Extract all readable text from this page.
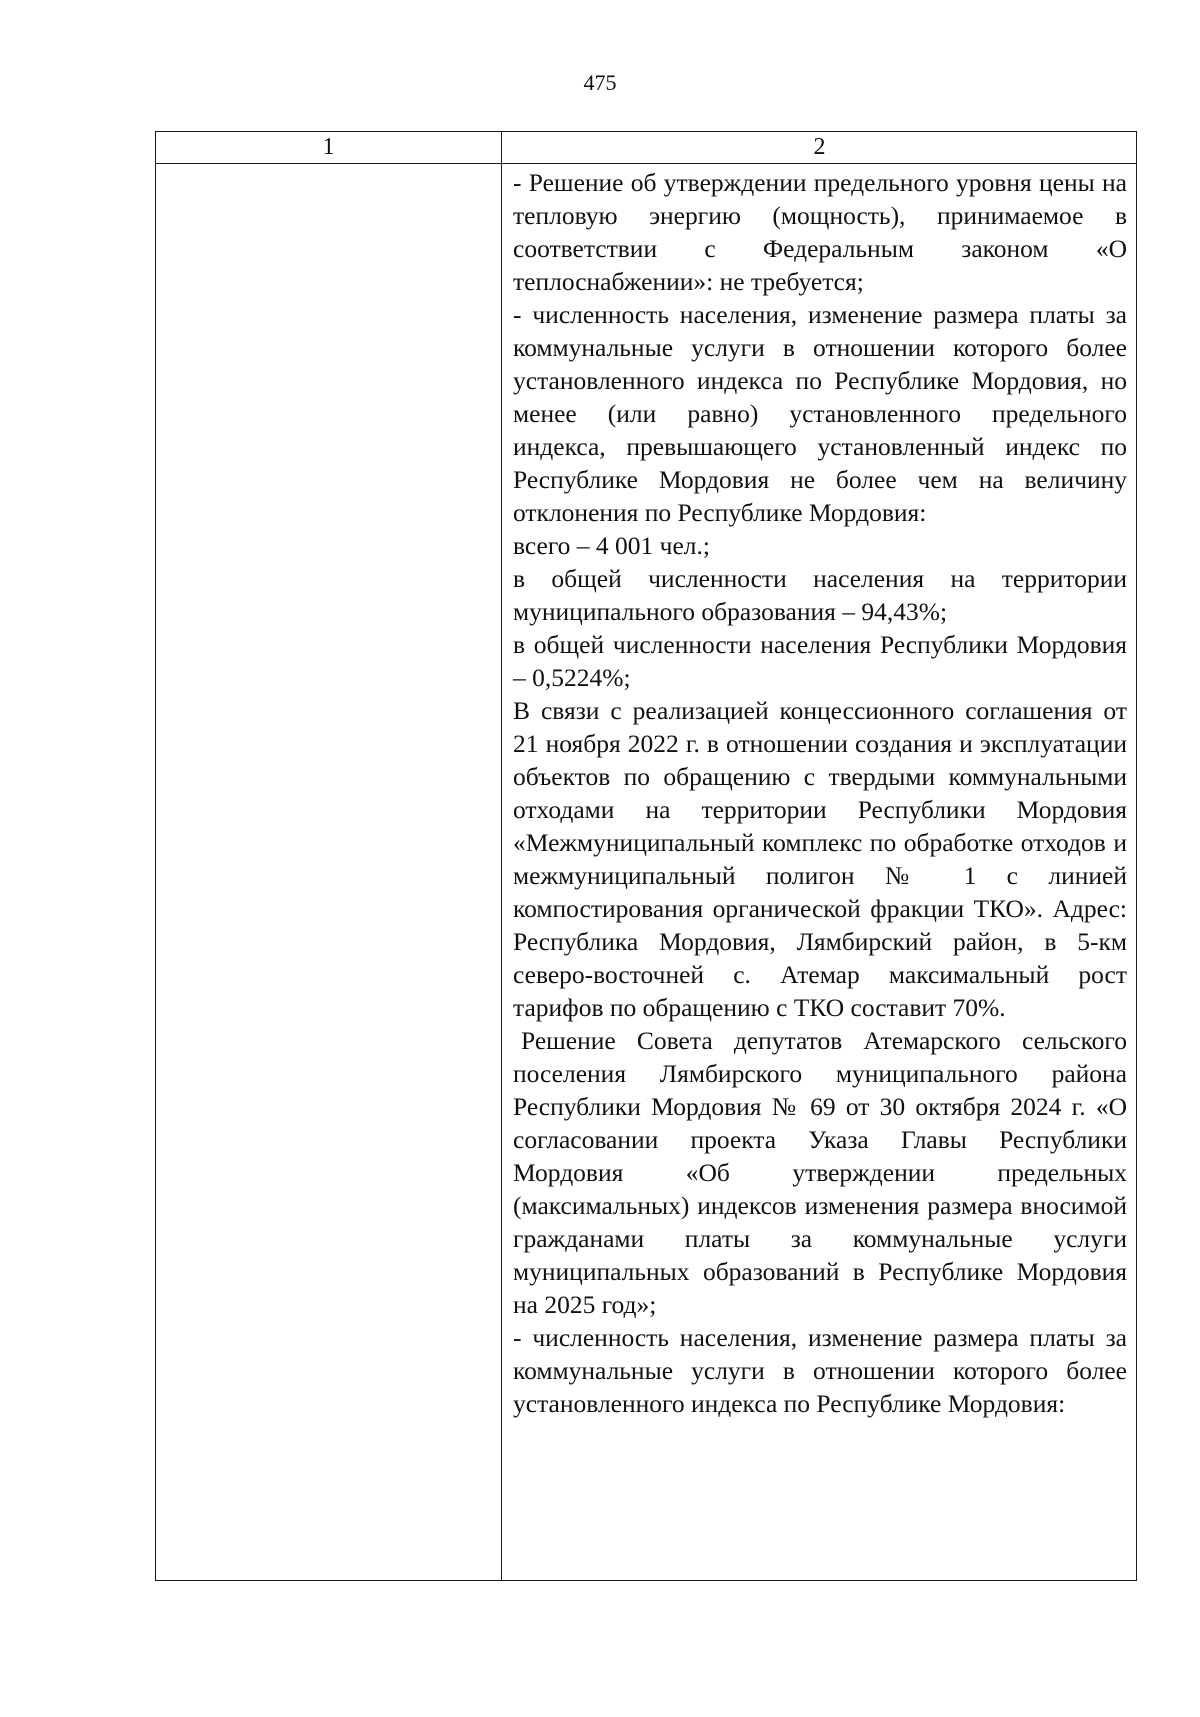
475
1	2

- Решение об утверждении предельного уровня цены на тепловую энергию (мощность), принимаемое в соответствии с Федеральным законом «О теплоснабжении»: не требуется;

- численность населения, изменение размера платы за коммунальные услуги в отношении которого более установленного индекса по Республике Мордовия, но менее (или равно) установленного предельного индекса, превышающего установленный индекс по Республике Мордовия не более чем на величину отклонения по Республике Мордовия:

всего – 4 001 чел.;

в общей численности населения на территории муниципального образования – 94,43%;

в общей численности населения Республики Мордовия – 0,5224%;

В связи с реализацией концессионного соглашения от 21 ноября 2022 г. в отношении создания и эксплуатации объектов по обращению с твердыми коммунальными отходами на территории Республики Мордовия «Межмуниципальный комплекс по обработке отходов и межмуниципальный полигон № 1 с линией компостирования органической фракции ТКО». Адрес: Республика Мордовия, Лямбирский район, в 5-км северо-восточней с. Атемар максимальный рост тарифов по обращению с ТКО составит 70%.

Решение Совета депутатов Атемарского сельского поселения Лямбирского муниципального района Республики Мордовия № 69 от 30 октября 2024 г. «О согласовании проекта Указа Главы Республики Мордовия «Об утверждении предельных (максимальных) индексов изменения размера вносимой гражданами платы за коммунальные услуги муниципальных образований в Республике Мордовия на 2025 год»;

- численность населения, изменение размера платы за коммунальные услуги в отношении которого более установленного индекса по Республике Мордовия:
